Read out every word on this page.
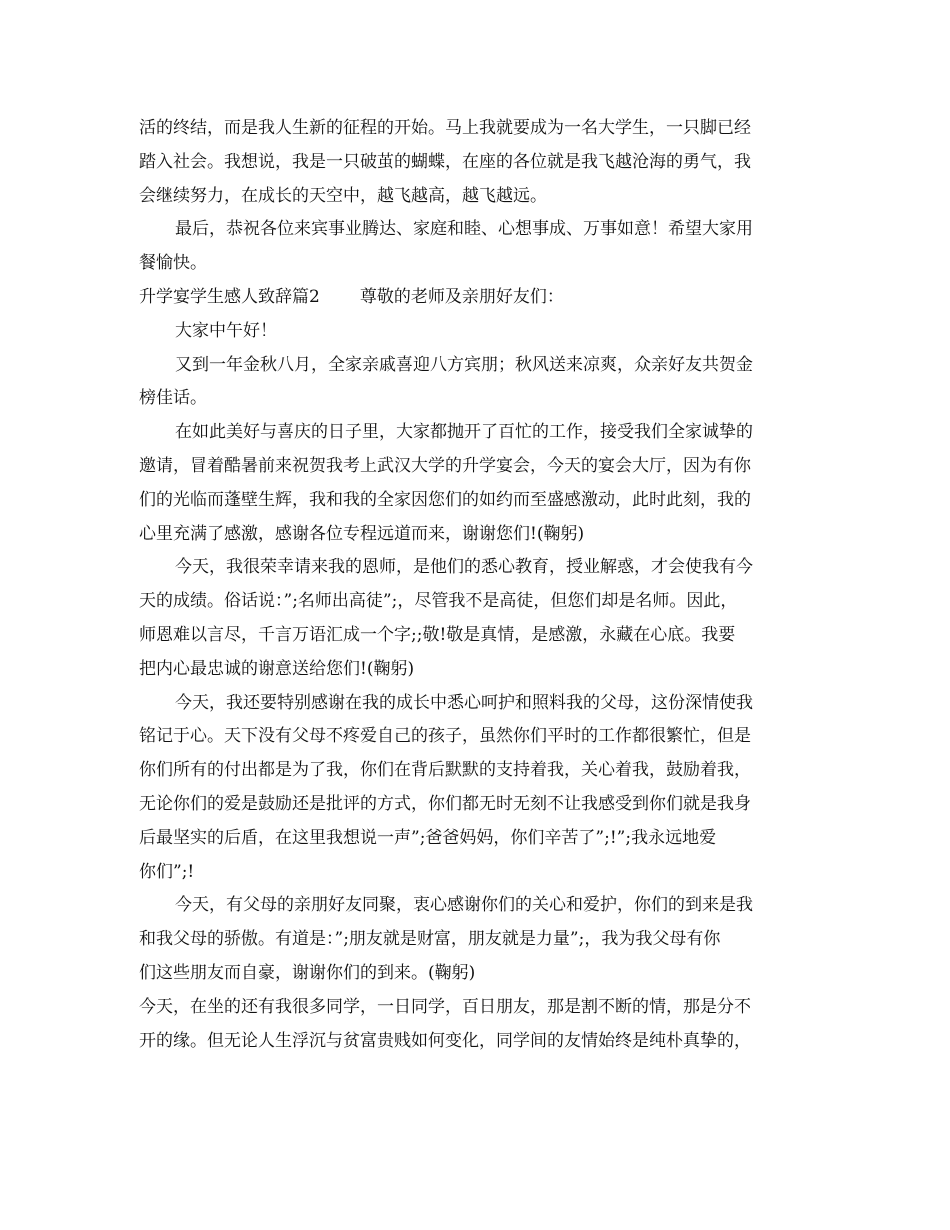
活的终结，而是我人生新的征程的开始。马上我就要成为一名大学生，一只脚已经
踏入社会。我想说，我是一只破茧的蝴蝶，在座的各位就是我飞越沧海的勇气，我
会继续努力，在成长的天空中，越飞越高，越飞越远。
最后，恭祝各位来宾事业腾达、家庭和睦、心想事成、万事如意！希望大家用
餐愉快。
升学宴学生感人致辞篇2 尊敬的老师及亲朋好友们：
大家中午好！
又到一年金秋八月，全家亲戚喜迎八方宾朋；秋风送来凉爽，众亲好友共贺金
榜佳话。
在如此美好与喜庆的日子里，大家都抛开了百忙的工作，接受我们全家诚挚的
邀请，冒着酷暑前来祝贺我考上武汉大学的升学宴会，今天的宴会大厅，因为有你
们的光临而蓬壁生辉，我和我的全家因您们的如约而至盛感激动，此时此刻，我的
心里充满了感激，感谢各位专程远道而来，谢谢您们!(鞠躬)
今天，我很荣幸请来我的恩师，是他们的悉心教育，授业解惑，才会使我有今
天的成绩。俗话说：”;名师出高徒”;，尽管我不是高徒，但您们却是名师。因此，
师恩难以言尽，千言万语汇成一个字;;敬!敬是真情，是感激，永藏在心底。我要
把内心最忠诚的谢意送给您们!(鞠躬)
今天，我还要特别感谢在我的成长中悉心呵护和照料我的父母，这份深情使我
铭记于心。天下没有父母不疼爱自己的孩子，虽然你们平时的工作都很繁忙，但是
你们所有的付出都是为了我，你们在背后默默的支持着我，关心着我，鼓励着我，
无论你们的爱是鼓励还是批评的方式，你们都无时无刻不让我感受到你们就是我身
后最坚实的后盾，在这里我想说一声”;爸爸妈妈，你们辛苦了”;!”;我永远地爱
你们”;!
今天，有父母的亲朋好友同聚，衷心感谢你们的关心和爱护，你们的到来是我
和我父母的骄傲。有道是：”;朋友就是财富，朋友就是力量”;，我为我父母有你
们这些朋友而自豪，谢谢你们的到来。(鞠躬)
今天，在坐的还有我很多同学，一日同学，百日朋友，那是割不断的情，那是分不
开的缘。但无论人生浮沉与贫富贵贱如何变化，同学间的友情始终是纯朴真挚的，
